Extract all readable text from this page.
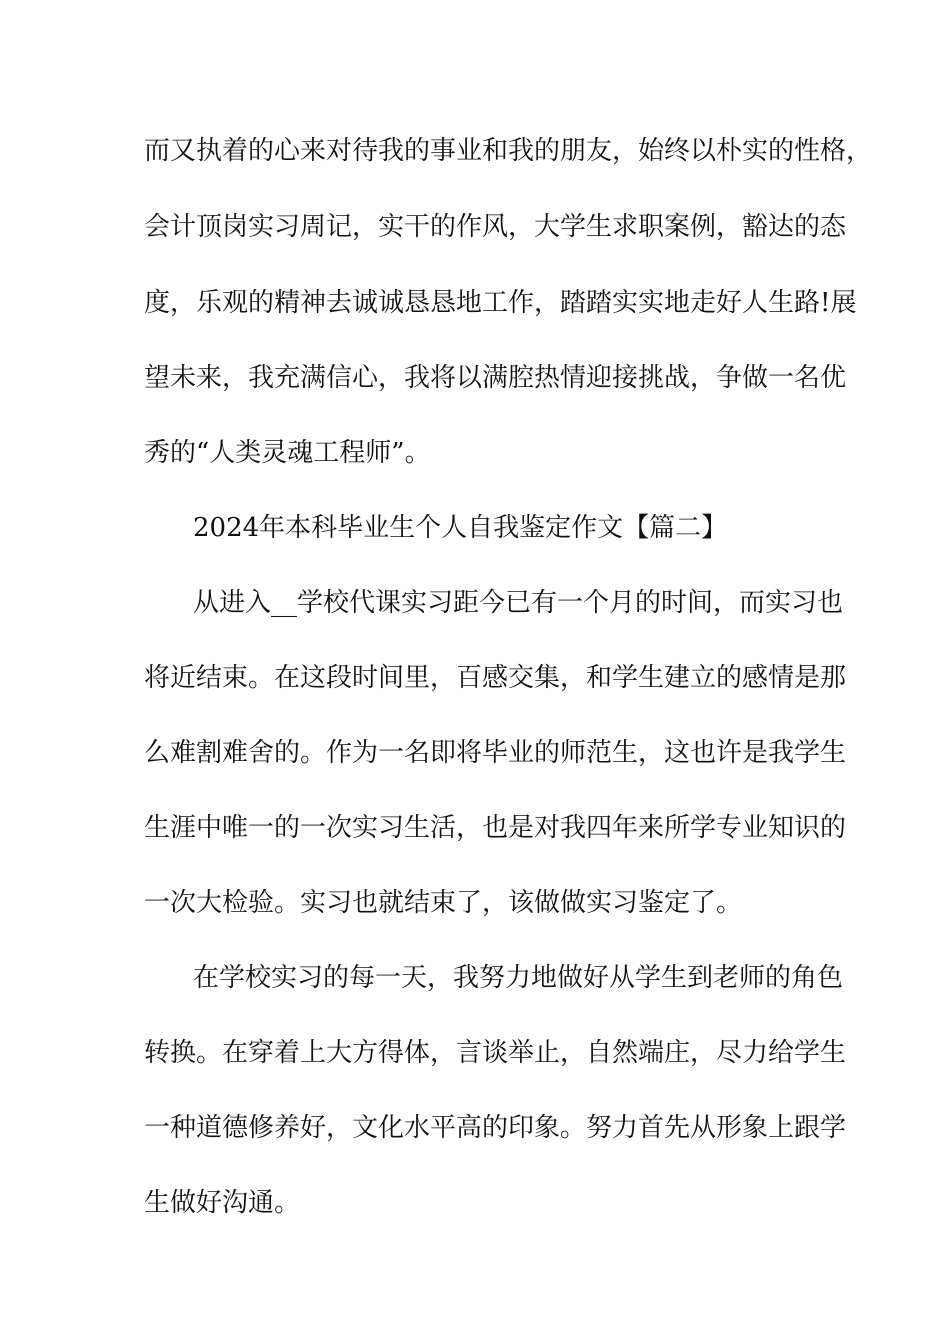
而又执着的心来对待我的事业和我的朋友，始终以朴实的性格，

会计顶岗实习周记，实干的作风，大学生求职案例，豁达的态

度，乐观的精神去诚诚恳恳地工作，踏踏实实地走好人生路!展

望未来，我充满信心，我将以满腔热情迎接挑战，争做一名优

秀的“人类灵魂工程师”。

2024年本科毕业生个人自我鉴定作文【篇二】

从进入__学校代课实习距今已有一个月的时间，而实习也

将近结束。在这段时间里，百感交集，和学生建立的感情是那

么难割难舍的。作为一名即将毕业的师范生，这也许是我学生

生涯中唯一的一次实习生活，也是对我四年来所学专业知识的

一次大检验。实习也就结束了，该做做实习鉴定了。

在学校实习的每一天，我努力地做好从学生到老师的角色

转换。在穿着上大方得体，言谈举止，自然端庄，尽力给学生

一种道德修养好，文化水平高的印象。努力首先从形象上跟学

生做好沟通。
